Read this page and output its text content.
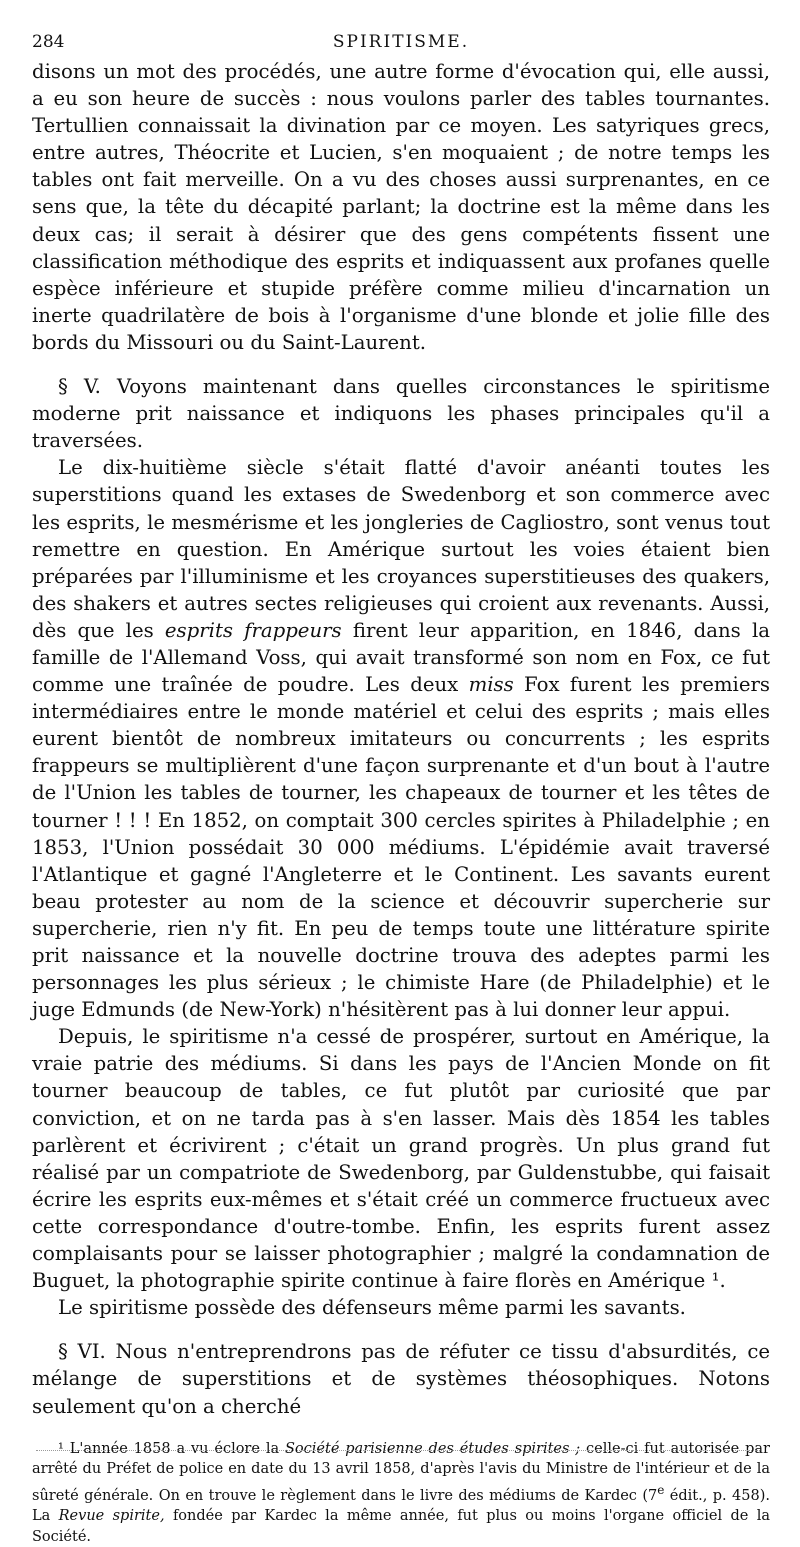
284	SPIRITISME.

disons un mot des procédés, une autre forme d'évocation qui, elle aussi, a eu son heure de succès : nous voulons parler des tables tournantes. Tertullien connaissait la divination par ce moyen. Les satyriques grecs, entre autres, Théocrite et Lucien, s'en moquaient ; de notre temps les tables ont fait merveille. On a vu des choses aussi surprenantes, en ce sens que, la tête du décapité parlant; la doctrine est la même dans les deux cas; il serait à désirer que des gens compétents fissent une classification méthodique des esprits et indiquassent aux profanes quelle espèce inférieure et stupide préfère comme milieu d'incarnation un inerte quadrilatère de bois à l'organisme d'une blonde et jolie fille des bords du Missouri ou du Saint-Laurent.

§ V. Voyons maintenant dans quelles circonstances le spiritisme moderne prit naissance et indiquons les phases principales qu'il a traversées.

Le dix-huitième siècle s'était flatté d'avoir anéanti toutes les superstitions quand les extases de Swedenborg et son commerce avec les esprits, le mesmérisme et les jongleries de Cagliostro, sont venus tout remettre en question. En Amérique surtout les voies étaient bien préparées par l'illuminisme et les croyances superstitieuses des quakers, des shakers et autres sectes religieuses qui croient aux revenants. Aussi, dès que les esprits frappeurs firent leur apparition, en 1846, dans la famille de l'Allemand Voss, qui avait transformé son nom en Fox, ce fut comme une traînée de poudre. Les deux miss Fox furent les premiers intermédiaires entre le monde matériel et celui des esprits ; mais elles eurent bientôt de nombreux imitateurs ou concurrents ; les esprits frappeurs se multiplièrent d'une façon surprenante et d'un bout à l'autre de l'Union les tables de tourner, les chapeaux de tourner et les têtes de tourner ! ! ! En 1852, on comptait 300 cercles spirites à Philadelphie ; en 1853, l'Union possédait 30 000 médiums. L'épidémie avait traversé l'Atlantique et gagné l'Angleterre et le Continent. Les savants eurent beau protester au nom de la science et découvrir supercherie sur supercherie, rien n'y fit. En peu de temps toute une littérature spirite prit naissance et la nouvelle doctrine trouva des adeptes parmi les personnages les plus sérieux ; le chimiste Hare (de Philadelphie) et le juge Edmunds (de New-York) n'hésitèrent pas à lui donner leur appui.

Depuis, le spiritisme n'a cessé de prospérer, surtout en Amérique, la vraie patrie des médiums. Si dans les pays de l'Ancien Monde on fit tourner beaucoup de tables, ce fut plutôt par curiosité que par conviction, et on ne tarda pas à s'en lasser. Mais dès 1854 les tables parlèrent et écrivirent ; c'était un grand progrès. Un plus grand fut réalisé par un compatriote de Swedenborg, par Guldenstubbe, qui faisait écrire les esprits eux-mêmes et s'était créé un commerce fructueux avec cette correspondance d'outre-tombe. Enfin, les esprits furent assez complaisants pour se laisser photographier ; malgré la condamnation de Buguet, la photographie spirite continue à faire florès en Amérique ¹.

Le spiritisme possède des défenseurs même parmi les savants.

§ VI. Nous n'entreprendrons pas de réfuter ce tissu d'absurdités, ce mélange de superstitions et de systèmes théosophiques. Notons seulement qu'on a cherché

¹ L'année 1858 a vu éclore la Société parisienne des études spirites ; celle-ci fut autorisée par arrêté du Préfet de police en date du 13 avril 1858, d'après l'avis du Ministre de l'intérieur et de la sûreté générale. On en trouve le règlement dans le livre des médiums de Kardec (7e édit., p. 458). La Revue spirite, fondée par Kardec la même année, fut plus ou moins l'organe officiel de la Société.
